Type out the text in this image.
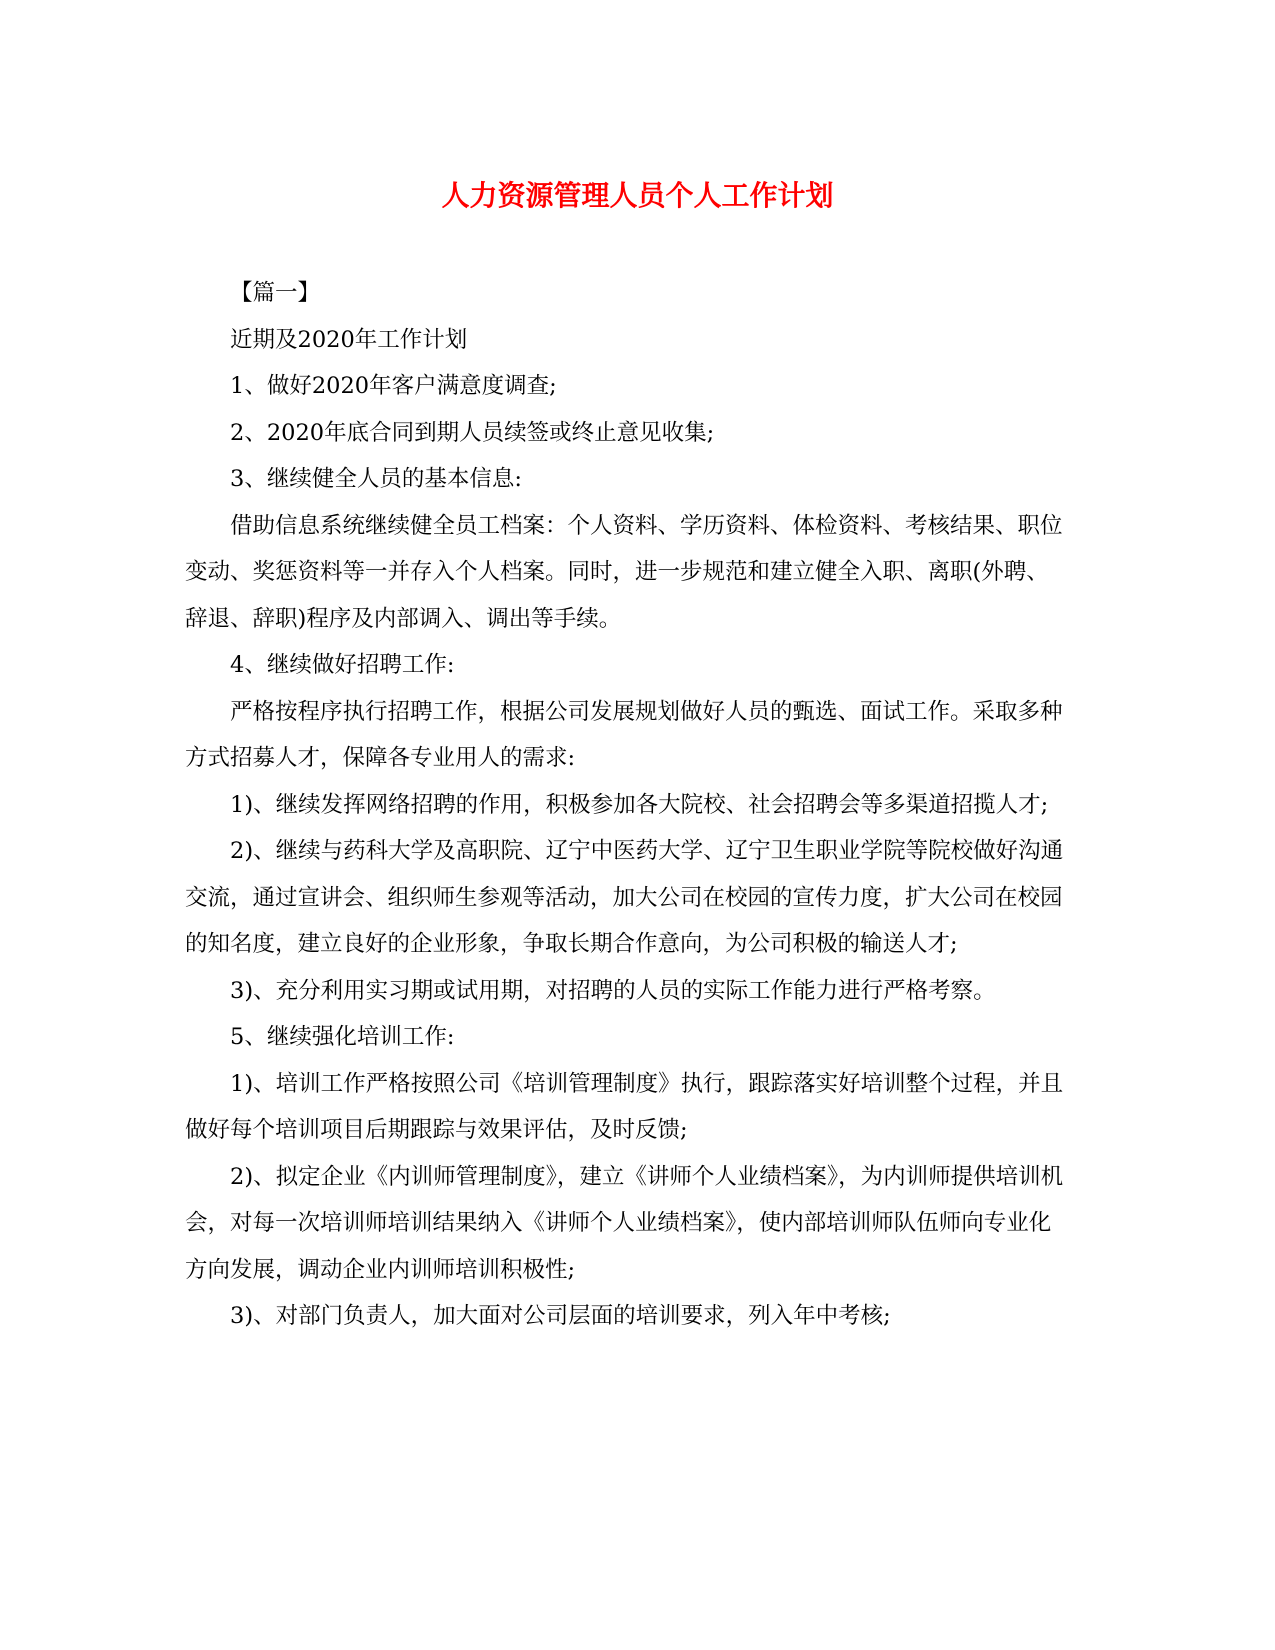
人力资源管理人员个人工作计划

【篇一】

近期及2020年工作计划

1、做好2020年客户满意度调查;

2、2020年底合同到期人员续签或终止意见收集;

3、继续健全人员的基本信息:

借助信息系统继续健全员工档案：个人资料、学历资料、体检资料、考核结果、职位变动、奖惩资料等一并存入个人档案。同时，进一步规范和建立健全入职、离职(外聘、辞退、辞职)程序及内部调入、调出等手续。

4、继续做好招聘工作:

严格按程序执行招聘工作，根据公司发展规划做好人员的甄选、面试工作。采取多种方式招募人才，保障各专业用人的需求:

1)、继续发挥网络招聘的作用，积极参加各大院校、社会招聘会等多渠道招揽人才;

2)、继续与药科大学及高职院、辽宁中医药大学、辽宁卫生职业学院等院校做好沟通交流，通过宣讲会、组织师生参观等活动，加大公司在校园的宣传力度，扩大公司在校园的知名度，建立良好的企业形象，争取长期合作意向，为公司积极的输送人才;

3)、充分利用实习期或试用期，对招聘的人员的实际工作能力进行严格考察。

5、继续强化培训工作:

1)、培训工作严格按照公司《培训管理制度》执行，跟踪落实好培训整个过程，并且做好每个培训项目后期跟踪与效果评估，及时反馈;

2)、拟定企业《内训师管理制度》，建立《讲师个人业绩档案》，为内训师提供培训机会，对每一次培训师培训结果纳入《讲师个人业绩档案》，使内部培训师队伍师向专业化方向发展，调动企业内训师培训积极性;

3)、对部门负责人，加大面对公司层面的培训要求，列入年中考核;
